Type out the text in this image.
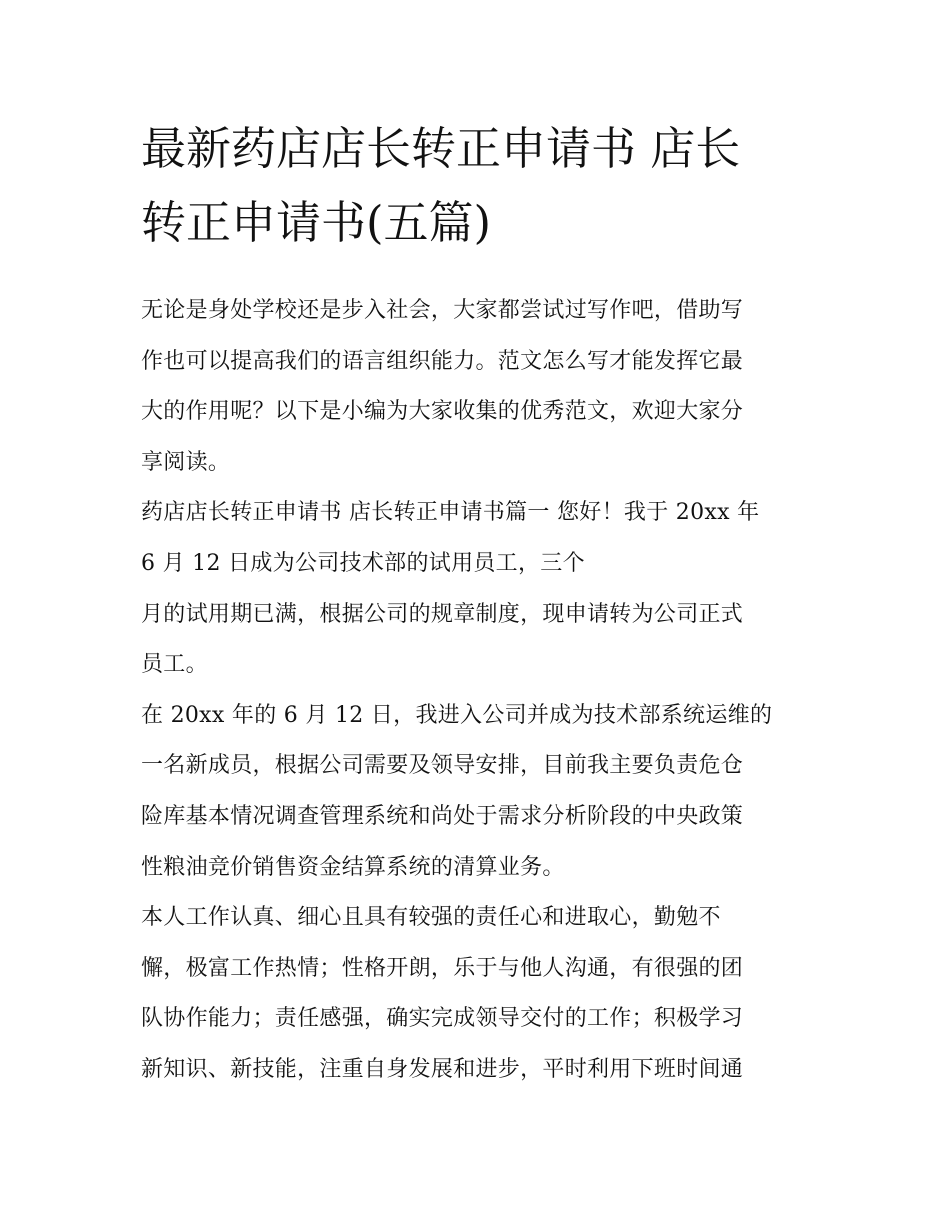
最新药店店长转正申请书 店长
转正申请书(五篇)
无论是身处学校还是步入社会，大家都尝试过写作吧，借助写
作也可以提高我们的语言组织能力。范文怎么写才能发挥它最
大的作用呢？以下是小编为大家收集的优秀范文，欢迎大家分
享阅读。
药店店长转正申请书 店长转正申请书篇一 您好！我于 20xx 年
6 月 12 日成为公司技术部的试用员工，三个
月的试用期已满，根据公司的规章制度，现申请转为公司正式
员工。
在 20xx 年的 6 月 12 日，我进入公司并成为技术部系统运维的
一名新成员，根据公司需要及领导安排，目前我主要负责危仓
险库基本情况调查管理系统和尚处于需求分析阶段的中央政策
性粮油竞价销售资金结算系统的清算业务。
本人工作认真、细心且具有较强的责任心和进取心，勤勉不
懈，极富工作热情；性格开朗，乐于与他人沟通，有很强的团
队协作能力；责任感强，确实完成领导交付的工作；积极学习
新知识、新技能，注重自身发展和进步，平时利用下班时间通
